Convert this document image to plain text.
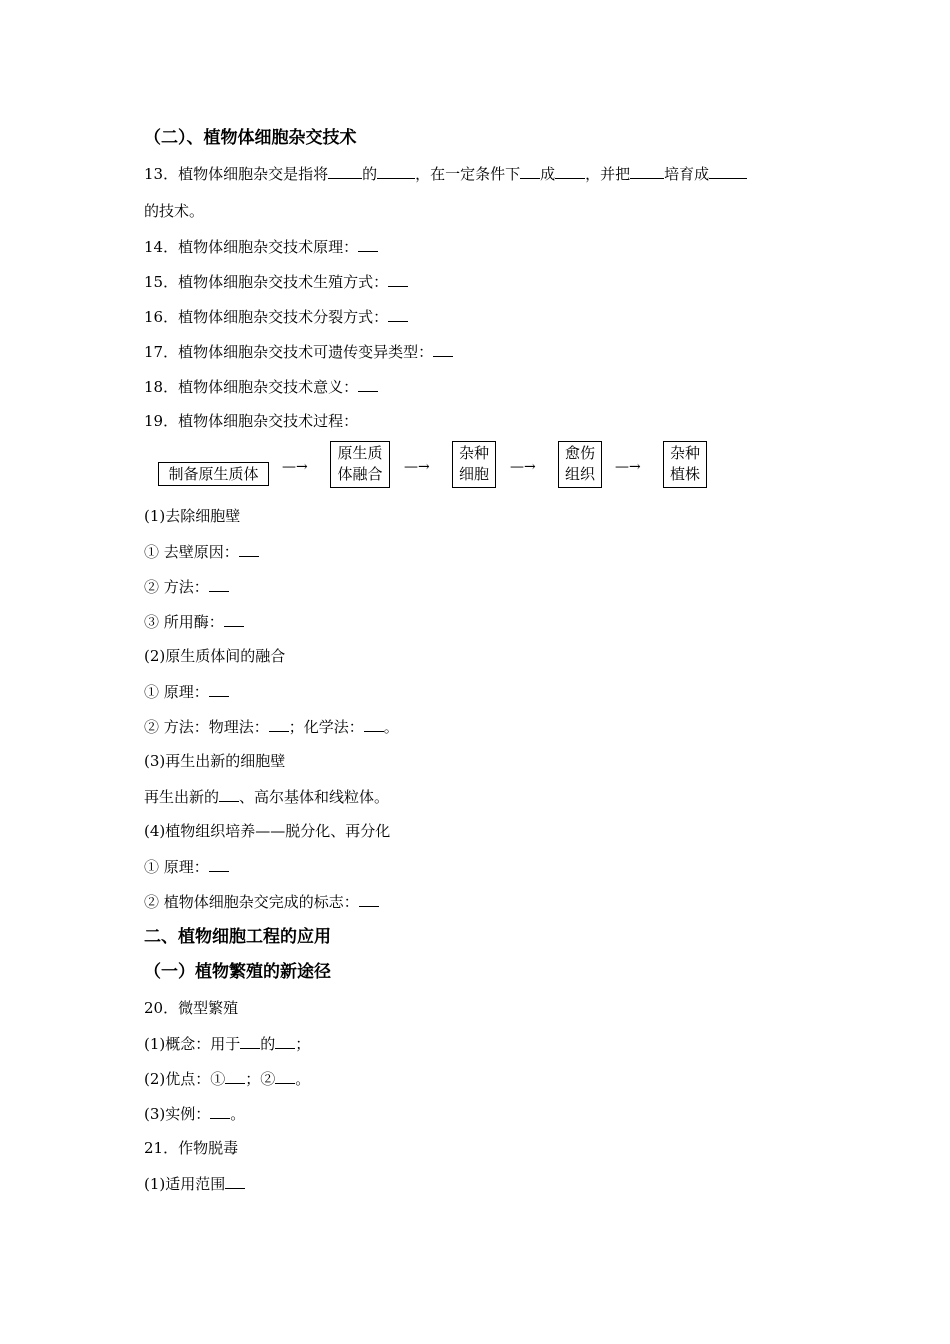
（二）、植物体细胞杂交技术
13．植物体细胞杂交是指将 的	，在一定条件下 成 ，并把 培育成
的技术。
14．植物体细胞杂交技术原理：
15．植物体细胞杂交技术生殖方式：
16．植物体细胞杂交技术分裂方式：
17．植物体细胞杂交技术可遗传变异类型：
18．植物体细胞杂交技术意义：
19．植物体细胞杂交技术过程：
制备原生质体	—→
原生质
体融合	—→
杂种
细胞	—→
愈伤
组织	—→
杂种
植株
(1)去除细胞壁
① 去壁原因：
② 方法：
③ 所用酶：
(2)原生质体间的融合
① 原理：
② 方法：物理法： ；化学法： 。
(3)再生出新的细胞壁
再生出新的 、高尔基体和线粒体。
(4)植物组织培养——脱分化、再分化
① 原理：
② 植物体细胞杂交完成的标志：
二、植物细胞工程的应用
（一）植物繁殖的新途径
20．微型繁殖
(1)概念：用于 的 ；
(2)优点：① ；② 。
(3)实例： 。
21．作物脱毒
(1)适用范围
